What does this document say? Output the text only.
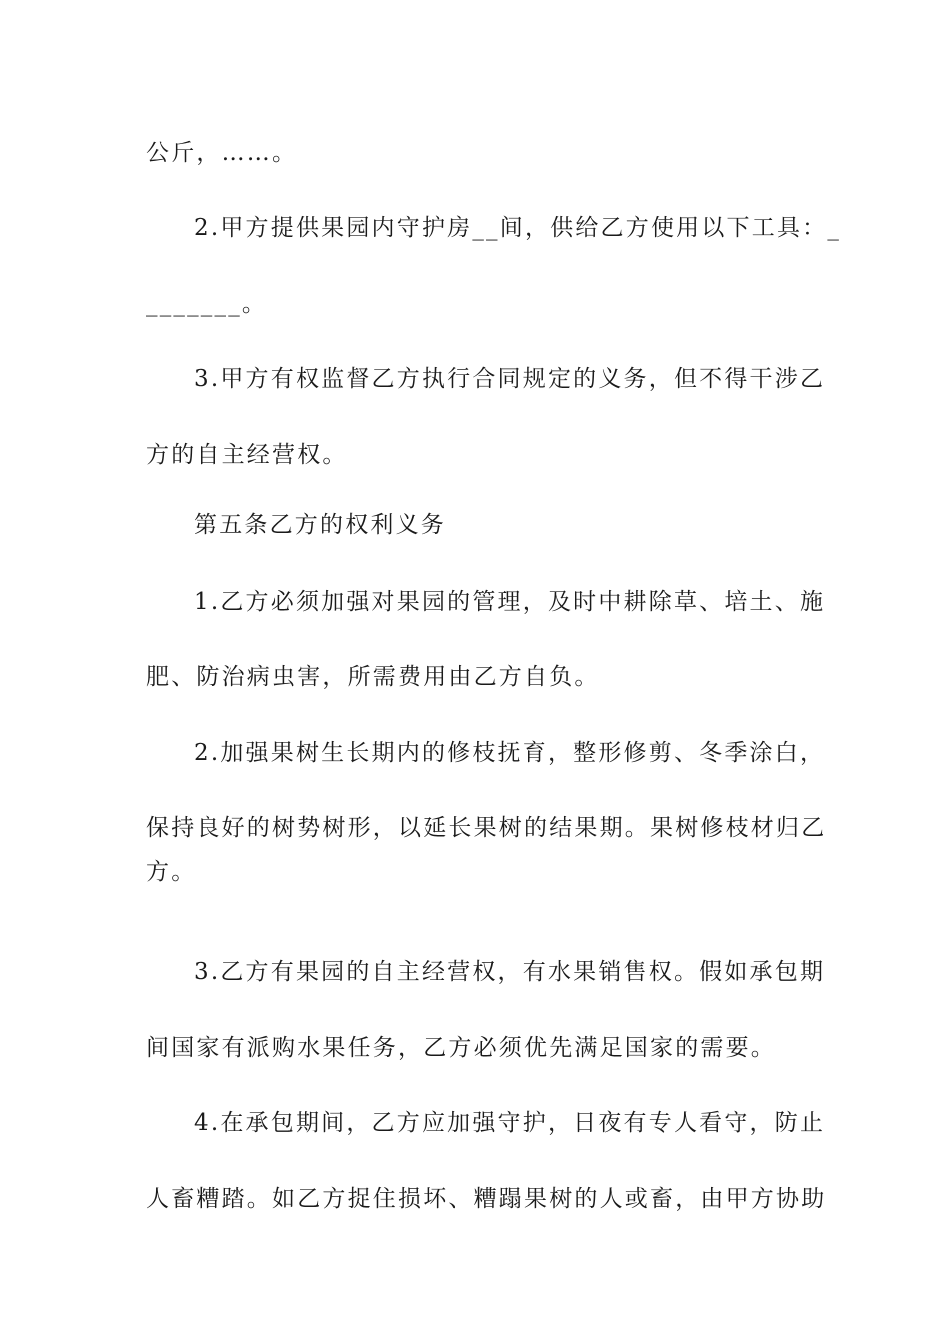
公斤，……。
2.甲方提供果园内守护房__间，供给乙方使用以下工具：_
_______。
3.甲方有权监督乙方执行合同规定的义务，但不得干涉乙
方的自主经营权。
第五条乙方的权利义务
1.乙方必须加强对果园的管理，及时中耕除草、培土、施
肥、防治病虫害，所需费用由乙方自负。
2.加强果树生长期内的修枝抚育，整形修剪、冬季涂白，
保持良好的树势树形，以延长果树的结果期。果树修枝材归乙
方。
3.乙方有果园的自主经营权，有水果销售权。假如承包期
间国家有派购水果任务，乙方必须优先满足国家的需要。
4.在承包期间，乙方应加强守护，日夜有专人看守，防止
人畜糟踏。如乙方捉住损坏、糟蹋果树的人或畜，由甲方协助
